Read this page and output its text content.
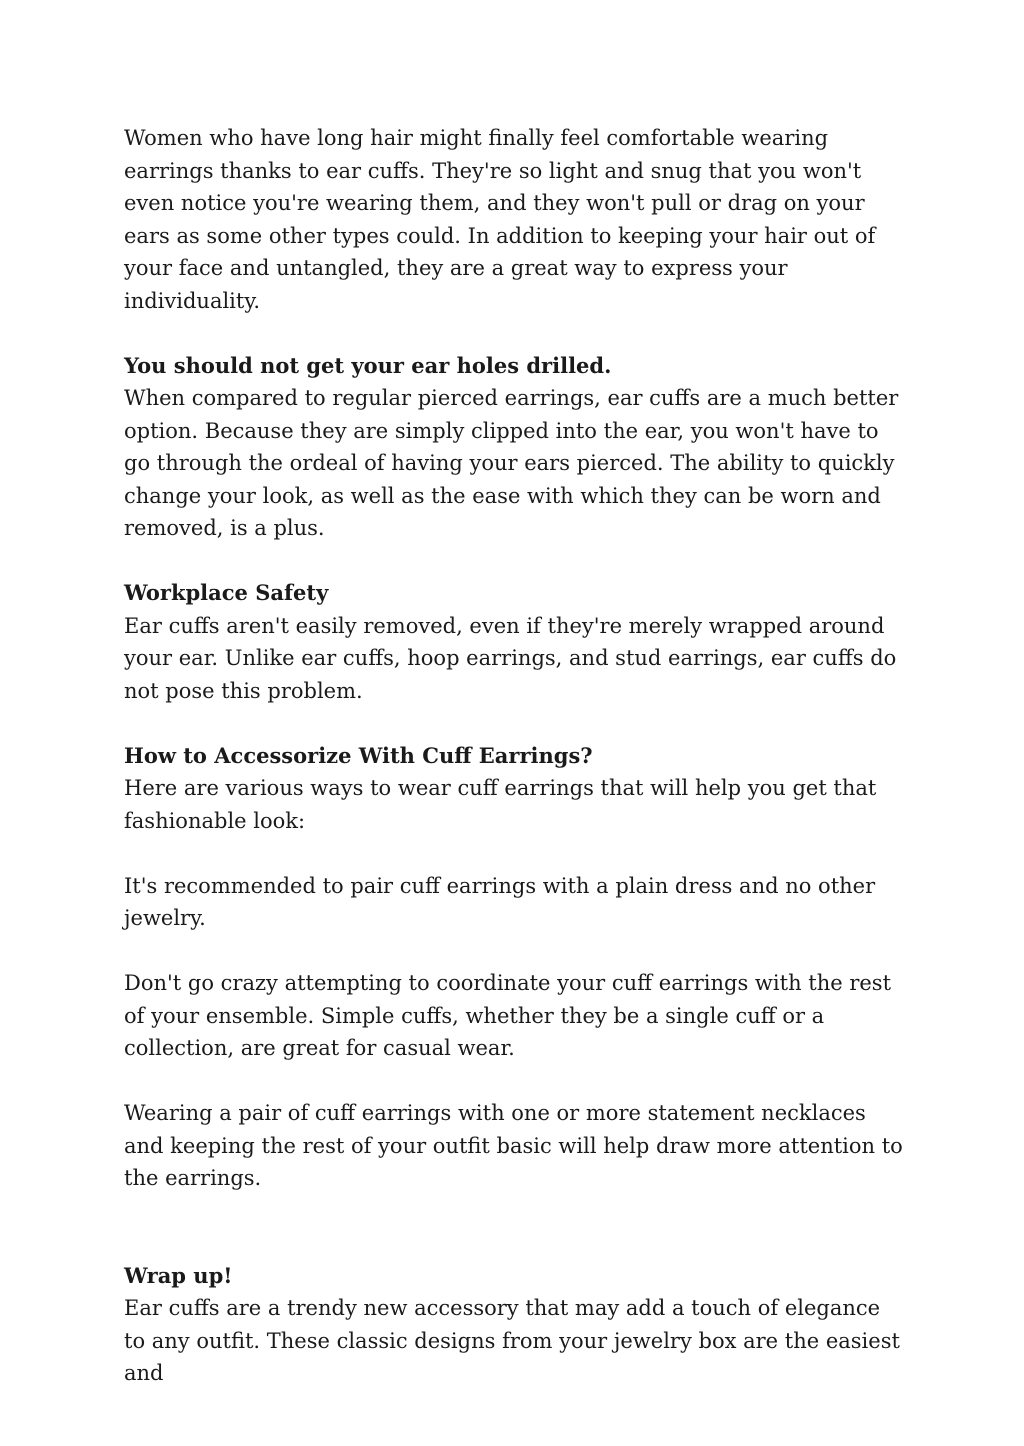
Women who have long hair might finally feel comfortable wearing earrings thanks to ear cuffs. They're so light and snug that you won't even notice you're wearing them, and they won't pull or drag on your ears as some other types could. In addition to keeping your hair out of your face and untangled, they are a great way to express your individuality.

You should not get your ear holes drilled.

When compared to regular pierced earrings, ear cuffs are a much better option. Because they are simply clipped into the ear, you won't have to go through the ordeal of having your ears pierced. The ability to quickly change your look, as well as the ease with which they can be worn and removed, is a plus.

Workplace Safety

Ear cuffs aren't easily removed, even if they're merely wrapped around your ear. Unlike ear cuffs, hoop earrings, and stud earrings, ear cuffs do not pose this problem.

How to Accessorize With Cuff Earrings?

Here are various ways to wear cuff earrings that will help you get that fashionable look:

It's recommended to pair cuff earrings with a plain dress and no other jewelry.

Don't go crazy attempting to coordinate your cuff earrings with the rest of your ensemble. Simple cuffs, whether they be a single cuff or a collection, are great for casual wear.

Wearing a pair of cuff earrings with one or more statement necklaces and keeping the rest of your outfit basic will help draw more attention to the earrings.

Wrap up!

Ear cuffs are a trendy new accessory that may add a touch of elegance to any outfit. These classic designs from your jewelry box are the easiest and
